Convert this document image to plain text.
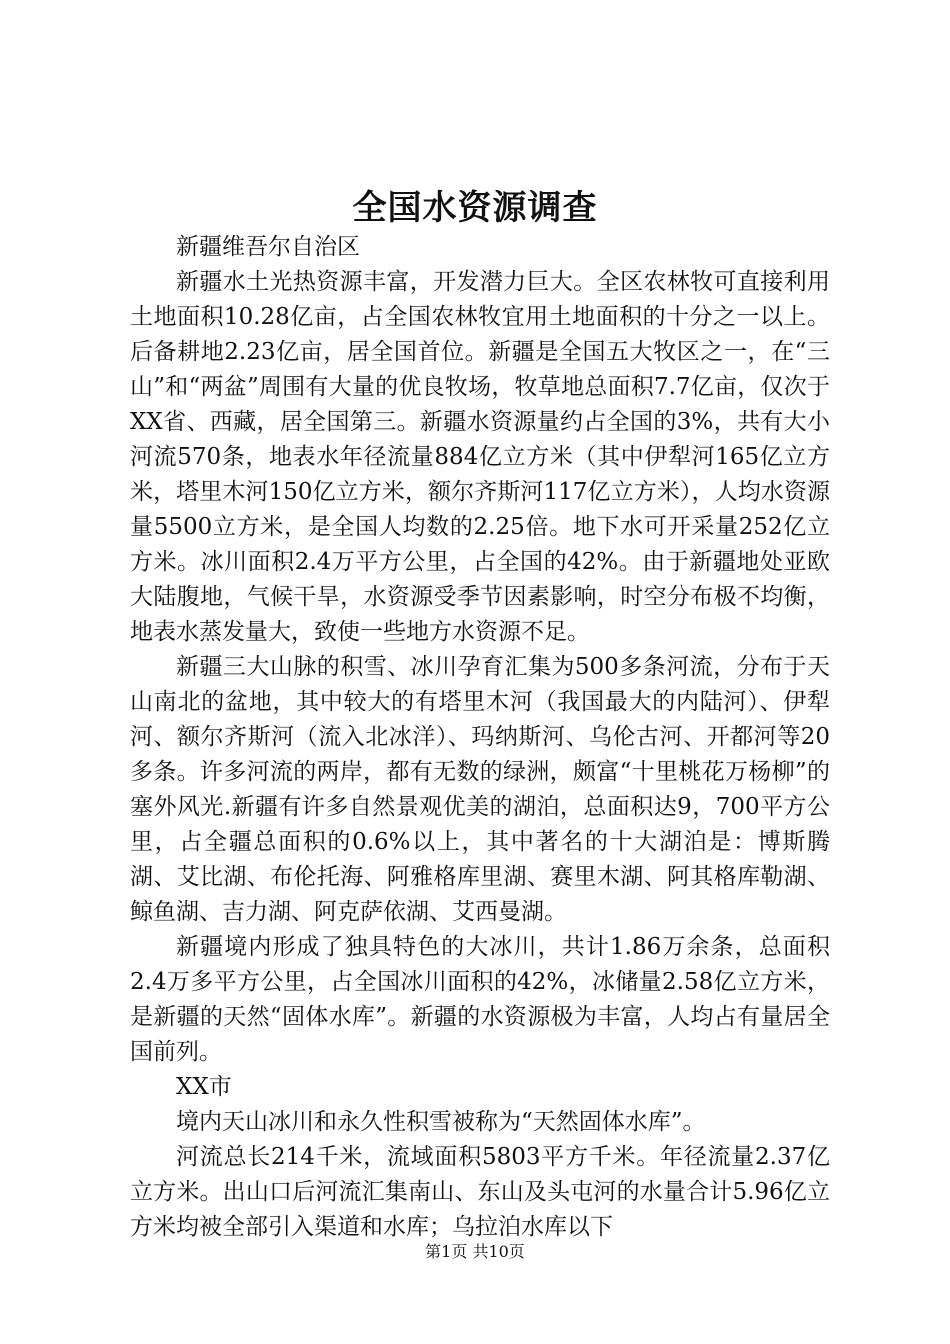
全国水资源调查

新疆维吾尔自治区

新疆水土光热资源丰富，开发潜力巨大。全区农林牧可直接利用土地面积10.28亿亩，占全国农林牧宜用土地面积的十分之一以上。后备耕地2.23亿亩，居全国首位。新疆是全国五大牧区之一，在“三山”和“两盆”周围有大量的优良牧场，牧草地总面积7.7亿亩，仅次于XX省、西藏，居全国第三。新疆水资源量约占全国的3%，共有大小河流570条，地表水年径流量884亿立方米（其中伊犁河165亿立方米，塔里木河150亿立方米，额尔齐斯河117亿立方米），人均水资源量5500立方米，是全国人均数的2.25倍。地下水可开采量252亿立方米。冰川面积2.4万平方公里，占全国的42%。由于新疆地处亚欧大陆腹地，气候干旱，水资源受季节因素影响，时空分布极不均衡，地表水蒸发量大，致使一些地方水资源不足。

新疆三大山脉的积雪、冰川孕育汇集为500多条河流，分布于天山南北的盆地，其中较大的有塔里木河（我国最大的内陆河）、伊犁河、额尔齐斯河（流入北冰洋）、玛纳斯河、乌伦古河、开都河等20多条。许多河流的两岸，都有无数的绿洲，颇富“十里桃花万杨柳”的塞外风光.新疆有许多自然景观优美的湖泊，总面积达9，700平方公里，占全疆总面积的0.6%以上，其中著名的十大湖泊是：博斯腾湖、艾比湖、布伦托海、阿雅格库里湖、赛里木湖、阿其格库勒湖、鲸鱼湖、吉力湖、阿克萨依湖、艾西曼湖。

新疆境内形成了独具特色的大冰川，共计1.86万余条，总面积2.4万多平方公里，占全国冰川面积的42%，冰储量2.58亿立方米，是新疆的天然“固体水库”。新疆的水资源极为丰富，人均占有量居全国前列。

XX市

境内天山冰川和永久性积雪被称为“天然固体水库”。

河流总长214千米，流域面积5803平方千米。年径流量2.37亿立方米。出山口后河流汇集南山、东山及头屯河的水量合计5.96亿立方米均被全部引入渠道和水库；乌拉泊水库以下

第1页 共10页
